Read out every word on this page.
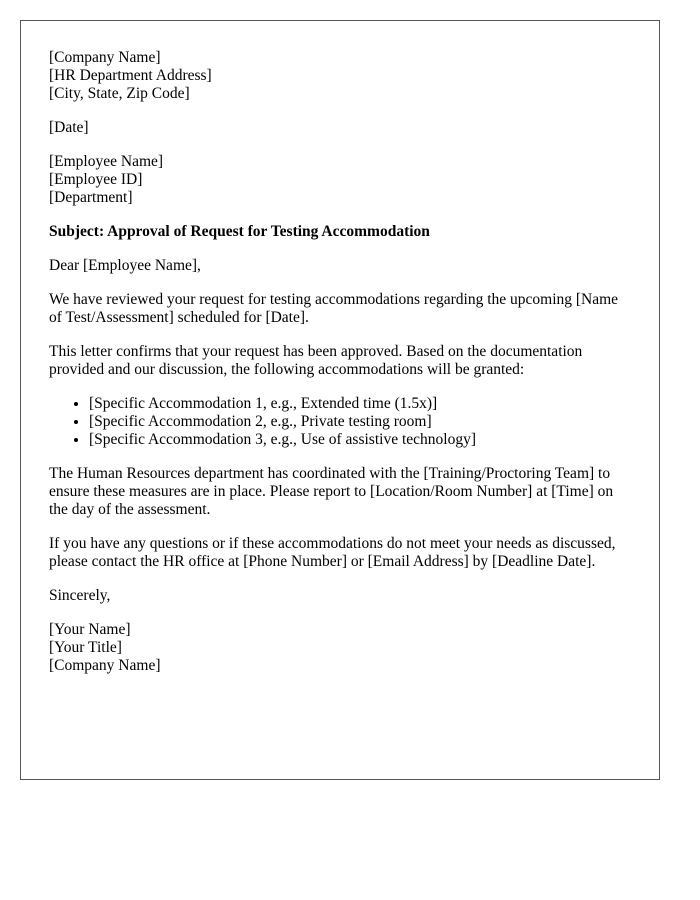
[Company Name]
[HR Department Address]
[City, State, Zip Code]
[Date]
[Employee Name]
[Employee ID]
[Department]

Subject: Approval of Request for Testing Accommodation

Dear [Employee Name],

We have reviewed your request for testing accommodations regarding the upcoming [Name of Test/Assessment] scheduled for [Date].

This letter confirms that your request has been approved. Based on the documentation provided and our discussion, the following accommodations will be granted:

• [Specific Accommodation 1, e.g., Extended time (1.5x)]
• [Specific Accommodation 2, e.g., Private testing room]
• [Specific Accommodation 3, e.g., Use of assistive technology]

The Human Resources department has coordinated with the [Training/Proctoring Team] to ensure these measures are in place. Please report to [Location/Room Number] at [Time] on the day of the assessment.

If you have any questions or if these accommodations do not meet your needs as discussed, please contact the HR office at [Phone Number] or [Email Address] by [Deadline Date].

Sincerely,

[Your Name]
[Your Title]
[Company Name]
